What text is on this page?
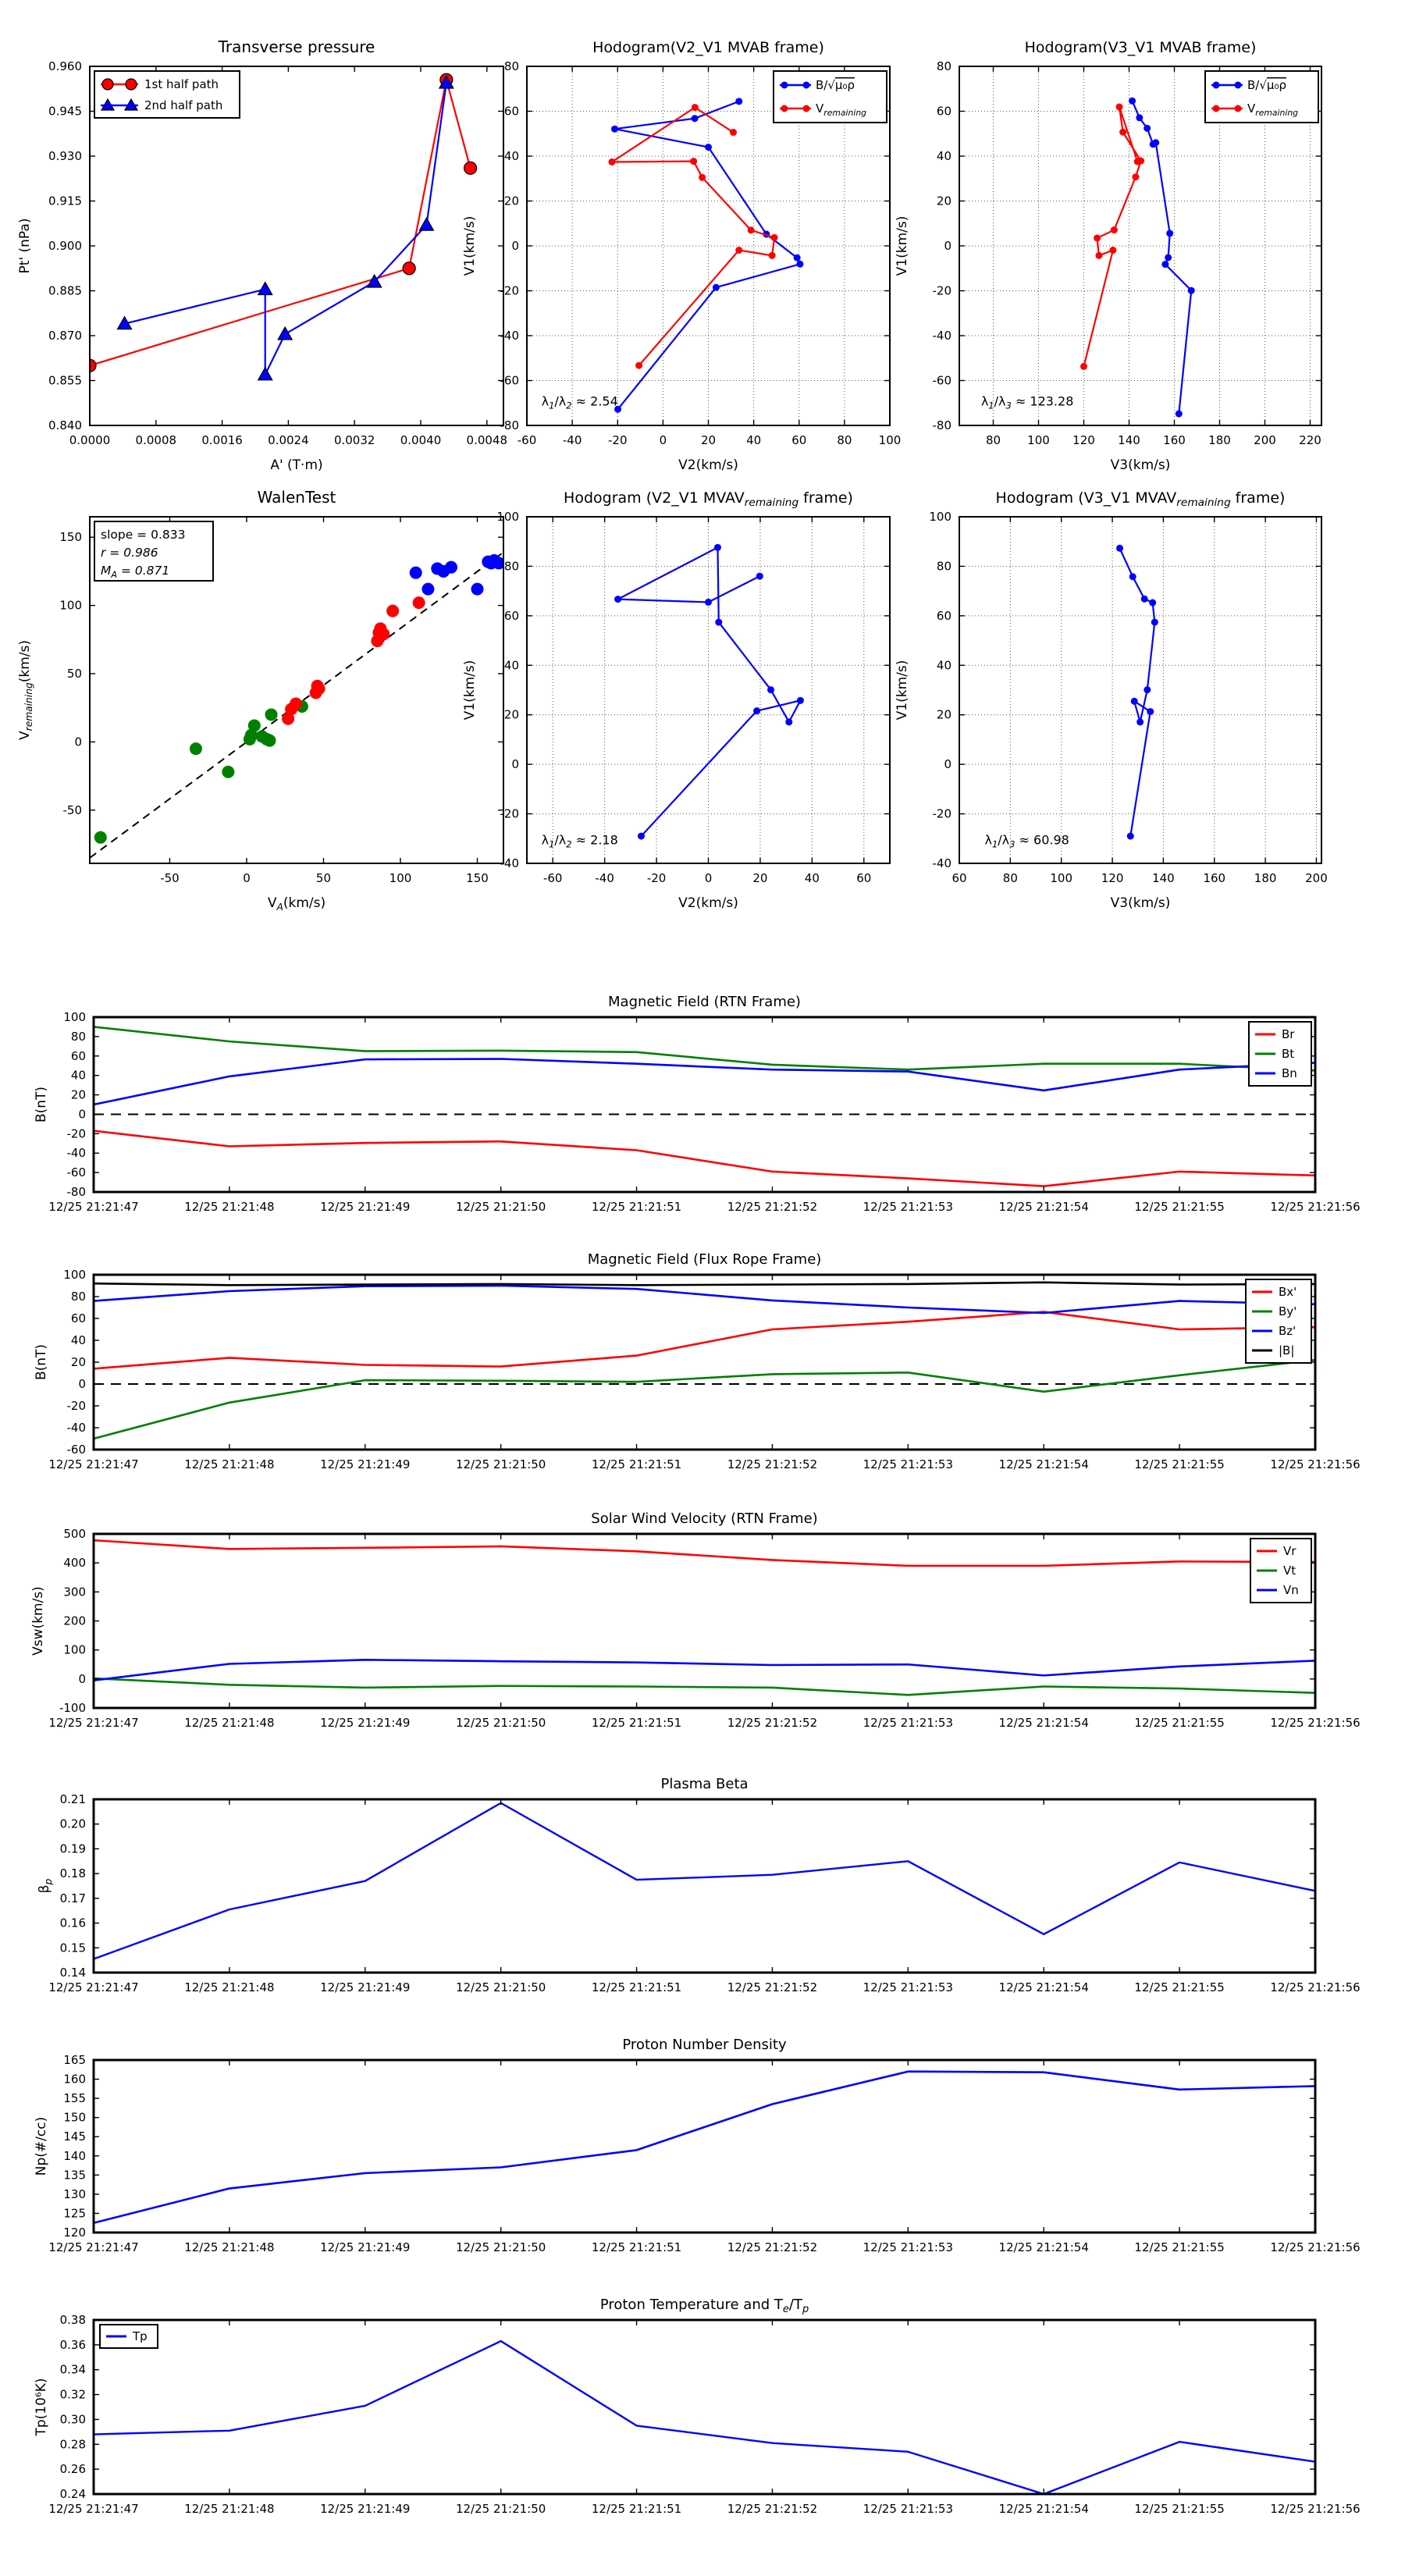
0.0000 0.0008 0.0016 0.0024 0.0032 0.0040 0.0048
0.840
0.855
0.870
0.885
0.900
0.915
0.930
0.945
0.960
Transverse pressure
A' (T·m)
Pt' (nPa)
1st half path
2nd half path
-60 -40 -20	0	20	40	60	80 100
-80
-60
-40
-20
0
20
40
60
80
Hodogram(V2_V1 MVAB frame)
V2(km/s)
V1(km/s)
$\lambda_1/\lambda_2 \approx 2.54$
B/√μ₀ρ
$V_{remaining}$
80 100 120 140 160 180 200 220
-80
-60
-40
-20
0
20
40
60
80
Hodogram(V3_V1 MVAB frame)
V3(km/s)
V1(km/s)
$\lambda_1/\lambda_3 \approx 123.28$
B/√μ₀ρ
$V_{remaining}$
-50	0	50	100	150
-50
0
50
100
150
WalenTest
$V_A(km/s)$
$V_{remaining}(km/s)$
slope = 0.833
r = 0.986
$M_A = 0.871$
-60	-40	-20	0	20	40	60
-40
-20
0
20
40
60
80
100
Hodogram (V2_V1 $MVAV_{remaining}$ frame)
V2(km/s)
V1(km/s)
$\lambda_1/\lambda_2 \approx 2.18$
60	80	100 120 140 160 180 200
-40
-20
0
20
40
60
80
100
Hodogram (V3_V1 $MVAV_{remaining}$ frame)
V3(km/s)
V1(km/s)
$\lambda_1/\lambda_3 \approx 60.98$
12/25 21:21:47	12/25 21:21:48	12/25 21:21:49	12/25 21:21:50	12/25 21:21:51	12/25 21:21:52	12/25 21:21:53	12/25 21:21:54	12/25 21:21:55	12/25 21:21:56
-80
-60
-40
-20
0
20
40
60
80
100
Magnetic Field (RTN Frame)
B(nT)
Br
Bt
Bn
12/25 21:21:47	12/25 21:21:48	12/25 21:21:49	12/25 21:21:50	12/25 21:21:51	12/25 21:21:52	12/25 21:21:53	12/25 21:21:54	12/25 21:21:55	12/25 21:21:56
-60
-40
-20
0
20
40
60
80
100
Magnetic Field (Flux Rope Frame)
B(nT)
Bx'
By'
Bz'
|B|
12/25 21:21:47	12/25 21:21:48	12/25 21:21:49	12/25 21:21:50	12/25 21:21:51	12/25 21:21:52	12/25 21:21:53	12/25 21:21:54	12/25 21:21:55	12/25 21:21:56
-100
0
100
200
300
400
500
Solar Wind Velocity (RTN Frame)
Vsw(km/s)
Vr
Vt
Vn
12/25 21:21:47	12/25 21:21:48	12/25 21:21:49	12/25 21:21:50	12/25 21:21:51	12/25 21:21:52	12/25 21:21:53	12/25 21:21:54	12/25 21:21:55	12/25 21:21:56
0.14
0.15
0.16
0.17
0.18
0.19
0.20
0.21
Plasma Beta
$\beta_p$
12/25 21:21:47	12/25 21:21:48	12/25 21:21:49	12/25 21:21:50	12/25 21:21:51	12/25 21:21:52	12/25 21:21:53	12/25 21:21:54	12/25 21:21:55	12/25 21:21:56
120
125
130
135
140
145
150
155
160
165
Proton Number Density
Np(#/cc)
12/25 21:21:47	12/25 21:21:48	12/25 21:21:49	12/25 21:21:50	12/25 21:21:51	12/25 21:21:52	12/25 21:21:53	12/25 21:21:54	12/25 21:21:55	12/25 21:21:56
0.24
0.26
0.28
0.30
0.32
0.34
0.36
0.38
Proton Temperature and $T_e/T_p$
Tp(10⁶K)
Tp
